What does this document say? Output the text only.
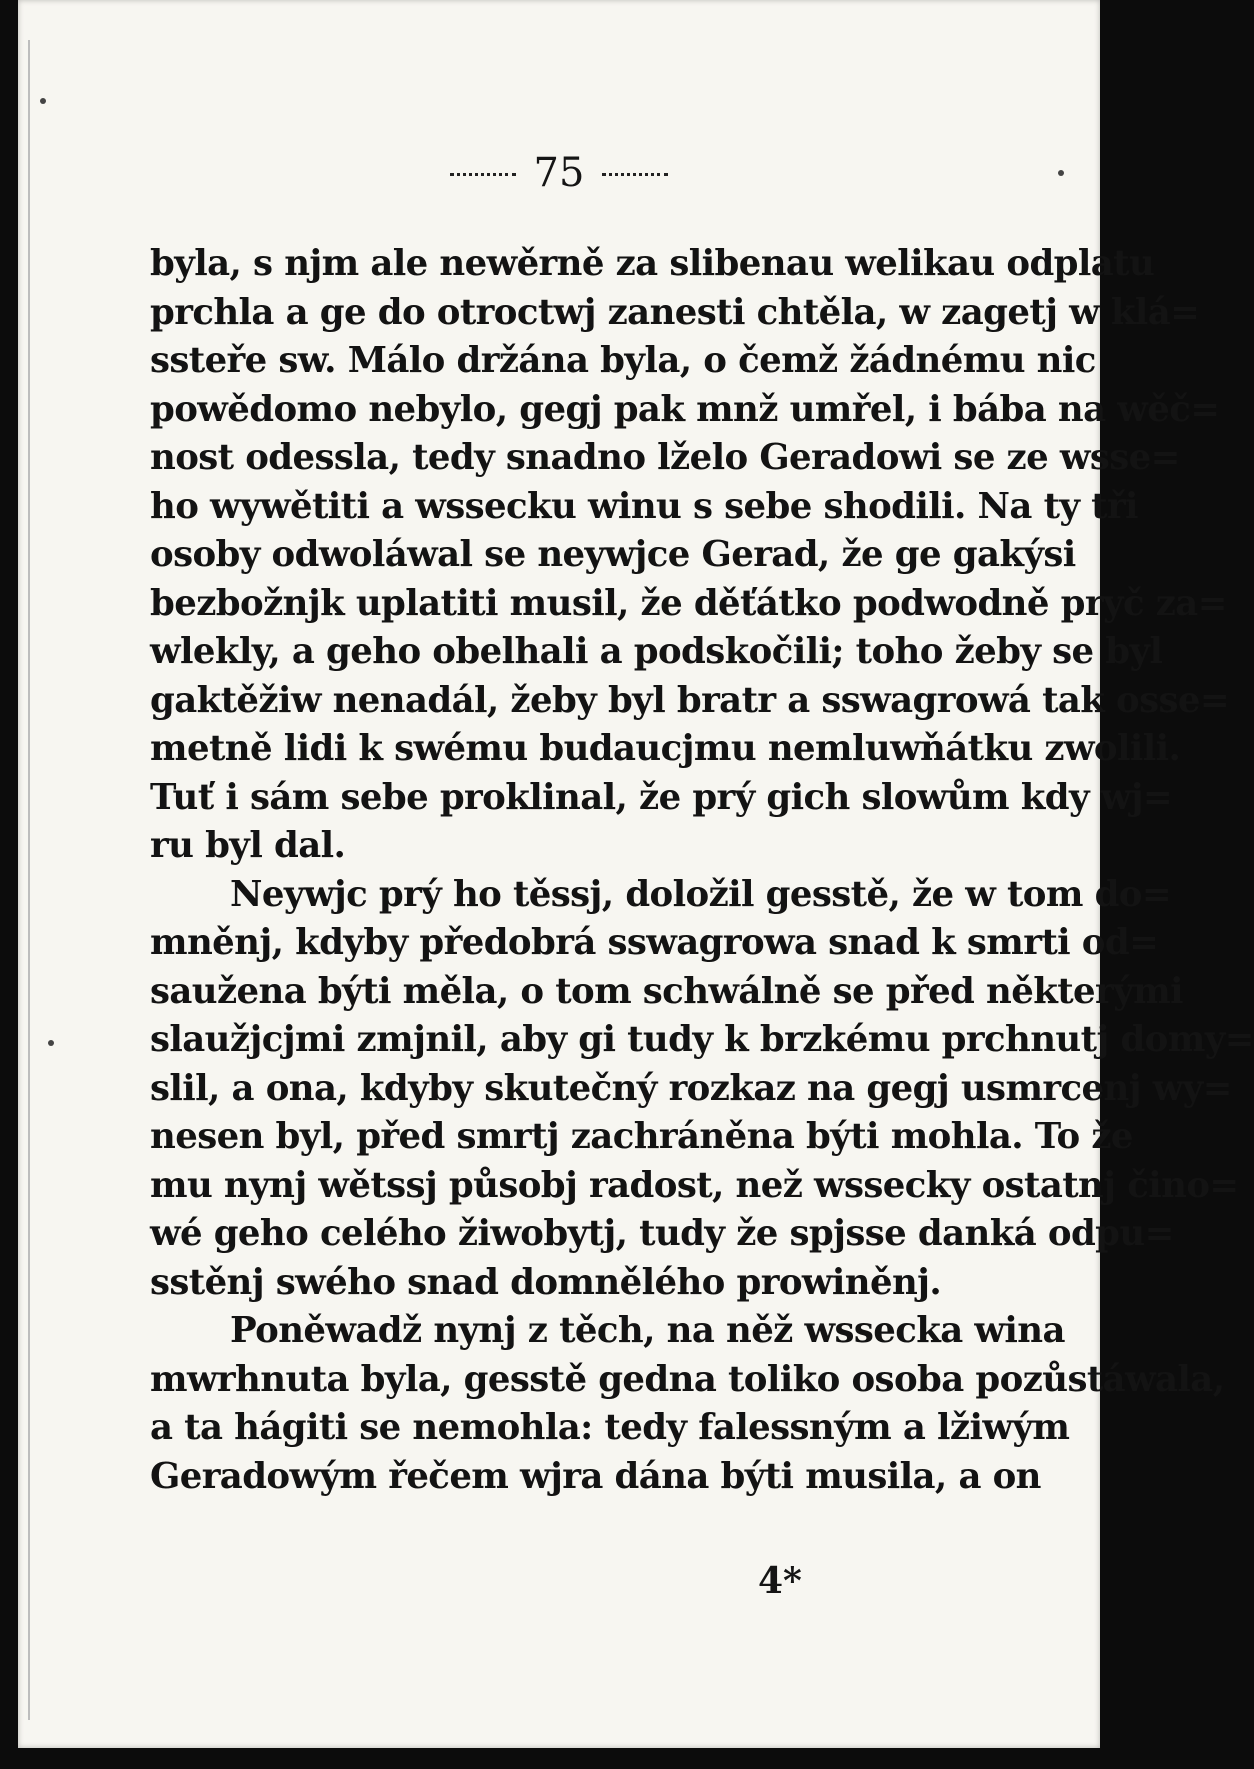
75
byla, s njm ale newěrně za slibenau welikau odplatu
prchla a ge do otroctwj zanesti chtěla, w zagetj w klá=
ssteře sw. Málo držána byla, o čemž žádnému nic
powědomo nebylo, gegj pak mnž umřel, i bába na wěč=
nost odessla, tedy snadno lželo Geradowi se ze wsse=
ho wywětiti a wssecku winu s sebe shodili. Na ty tři
osoby odwoláwal se neywjce Gerad, že ge gakýsi
bezbožnjk uplatiti musil, že děťátko podwodně pryč za=
wlekly, a geho obelhali a podskočili; toho žeby se byl
gaktěžiw nenadál, žeby byl bratr a sswagrowá tak osse=
metně lidi k swému budaucjmu nemluwňátku zwolili.
Tuť i sám sebe proklinal, že prý gich slowům kdy wj=
ru byl dal.
Neywjc prý ho těssj, doložil gesstě, že w tom do=
mněnj, kdyby předobrá sswagrowa snad k smrti od=
saužena býti měla, o tom schwálně se před některými
slaužjcjmi zmjnil, aby gi tudy k brzkému prchnutj domy=
slil, a ona, kdyby skutečný rozkaz na gegj usmrcenj wy=
nesen byl, před smrtj zachráněna býti mohla. To že
mu nynj wětssj působj radost, než wssecky ostatnj čino=
wé geho celého žiwobytj, tudy že spjsse danká odpu=
sstěnj swého snad domnělého prowiněnj.
Poněwadž nynj z těch, na něž wssecka wina
mwrhnuta byla, gesstě gedna toliko osoba pozůstáwala,
a ta hágiti se nemohla: tedy falessným a lžiwým
Geradowým řečem wjra dána býti musila, a on
4*
